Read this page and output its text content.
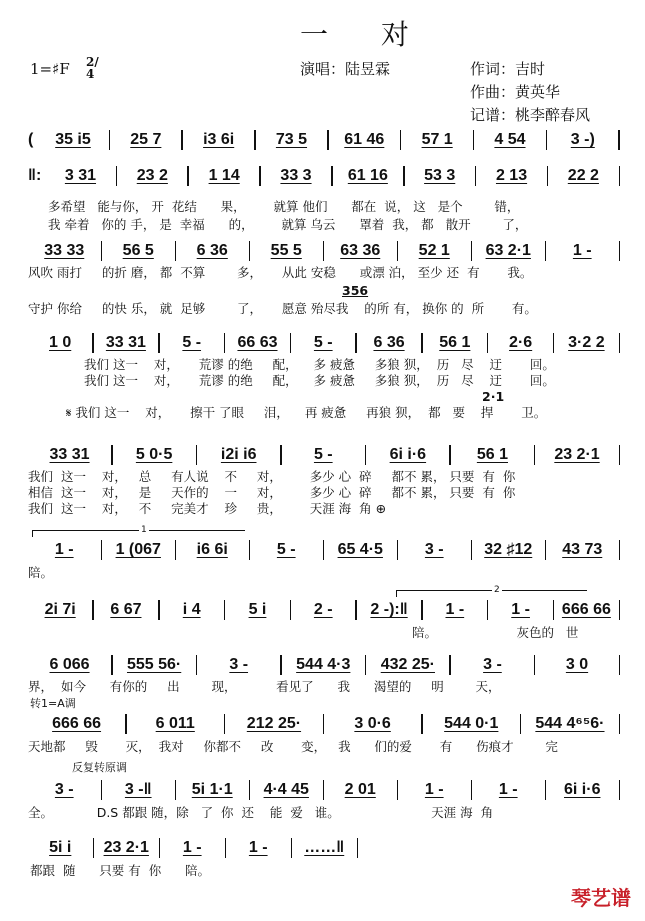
一 对
1=♯F 2/4	演唱：陆昱霖	作词：吉时
作曲：黄英华
记谱：桃李醉春风
(	35 i5	25 7	i3 6i	73 5	61 46	57 1	4 54	3 -)
‖:	3 31	23 2	1 14	33 3	61 16	53 3	2 13	22 2
33 33	56 5	6 36	55 5	63 36	52 1	63 2·1	1 -
1 0	33 31	5 -	66 63	5 -	6 36	56 1	2·6	3·2 2
33 31	5 0·5	i2i i6	5 -	6i i·6	56 1	23 2·1
1 -	1 (067	i6 6i	5 -	65 4·5	3 -	32 ♯12	43 73
2i 7i	6 67	i 4	5 i	2 -	2 -):‖	1 -	1 -	666 66
6 066	555 56·	3 -	544 4·3	432 25·	3 -	3 0
666 66	6 011	212 25·	3 0·6	544 0·1	544 4⁶⁵6·
3 -	3 -‖	5i 1·1	4·4 45	2 01	1 -	1 -	6i i·6
5i i	23 2·1	1 -	1 -	……‖
多希望   能与你， 开  花结      果，       就算 他们      都在  说， 这   是个        错，
我 牵着   你的 手， 是  幸福      的，       就算 乌云      罩着  我， 都   散开        了，
风吹 雨打     的折 磨， 都  不算        多，     从此 安稳      或漂 泊， 至少 还  有       我。
356
守护 你给     的快 乐， 就  足够        了，     愿意 殆尽我    的所 有， 换你 的  所       有。
我们 这一    对，     荒谬 的绝     配，    多 疲惫     多狼 狈，  历   尽    迂       回。
我们 这一    对，     荒谬 的绝     配，    多 疲惫     多狼 狈，  历   尽    迂       回。
2·1
𝄋 我们 这一    对，     擦干 了眼     泪，    再 疲惫     再狼 狈，  都   要    捍       卫。
我们  这一    对，   总     有人说    不     对，       多少 心  碎     都不 累， 只要  有  你
相信  这一    对，   是     天作的    一     对，       多少 心  碎     都不 累， 只要  有  你
我们  这一    对，   不     完美才    珍     贵，       天涯 海  角 ⊕
1
陪。
2
陪。                    灰色的   世
界，  如今      有你的     出        现，          看见了      我      渴望的     明        天，
转1=A调
天地都     毁       灭，  我对     你都不     改       变，   我      们的爱       有      伤痕才        完
反复转原调
全。           D.S 都跟 随，除   了  你  还    能  爱   谁。                       天涯 海  角
都跟  随      只要 有  你      陪。
琴艺谱
